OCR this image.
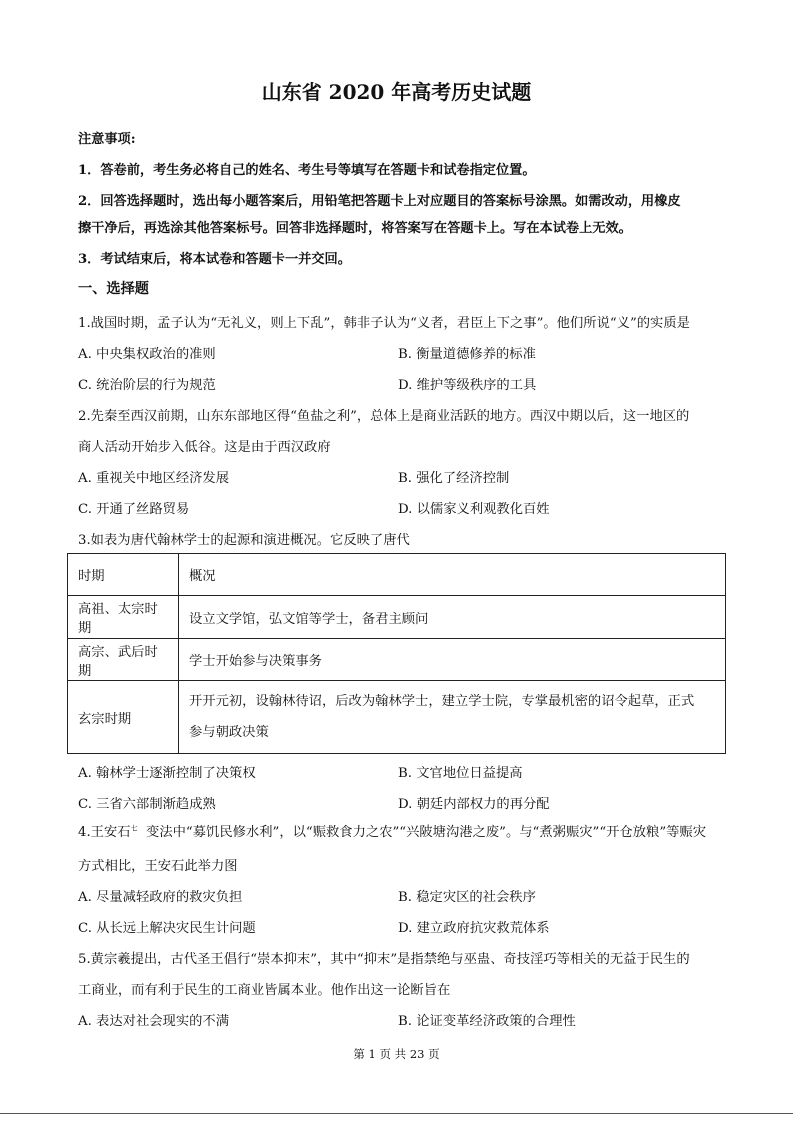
山东省 2020 年高考历史试题
注意事项:
1．答卷前，考生务必将自己的姓名、考生号等填写在答题卡和试卷指定位置。
2．回答选择题时，选出每小题答案后，用铅笔把答题卡上对应题目的答案标号涂黑。如需改动，用橡皮
擦干净后，再选涂其他答案标号。回答非选择题时，将答案写在答题卡上。写在本试卷上无效。
3．考试结束后，将本试卷和答题卡一并交回。
一、选择题
1.战国时期，孟子认为“无礼义，则上下乱”，韩非子认为“义者，君臣上下之事”。他们所说“义”的实质是
A. 中央集权政治的准则	B. 衡量道德修养的标准
C. 统治阶层的行为规范	D. 维护等级秩序的工具
2.先秦至西汉前期，山东东部地区得“鱼盐之利”，总体上是商业活跃的地方。西汉中期以后，这一地区的
商人活动开始步入低谷。这是由于西汉政府
A. 重视关中地区经济发展	B. 强化了经济控制
C. 开通了丝路贸易	D. 以儒家义利观教化百姓
3.如表为唐代翰林学士的起源和演进概况。它反映了唐代
时期	概况
高祖、太宗时期	设立文学馆，弘文馆等学士，备君主顾问
高宗、武后时期	学士开始参与决策事务
玄宗时期	开开元初，设翰林待诏，后改为翰林学士，建立学士院，专掌最机密的诏令起草，正式
参与朝政决策
A. 翰林学士逐渐控制了决策权	B. 文官地位日益提高
C. 三省六部制渐趋成熟	D. 朝廷内部权力的再分配
4.王安石$^七$ 变法中“募饥民修水利”，以“赈救食力之农”“兴陂塘沟港之废”。与“煮粥赈灾”“开仓放粮”等赈灾
方式相比，王安石此举力图
A. 尽量减轻政府的救灾负担	B. 稳定灾区的社会秩序
C. 从长远上解决灾民生计问题	D. 建立政府抗灾救荒体系
5.黄宗羲提出，古代圣王倡行“崇本抑末”，其中“抑末”是指禁绝与巫蛊、奇技淫巧等相关的无益于民生的
工商业，而有利于民生的工商业皆属本业。他作出这一论断旨在
A. 表达对社会现实的不满	B. 论证变革经济政策的合理性
第 1 页 共 23 页
